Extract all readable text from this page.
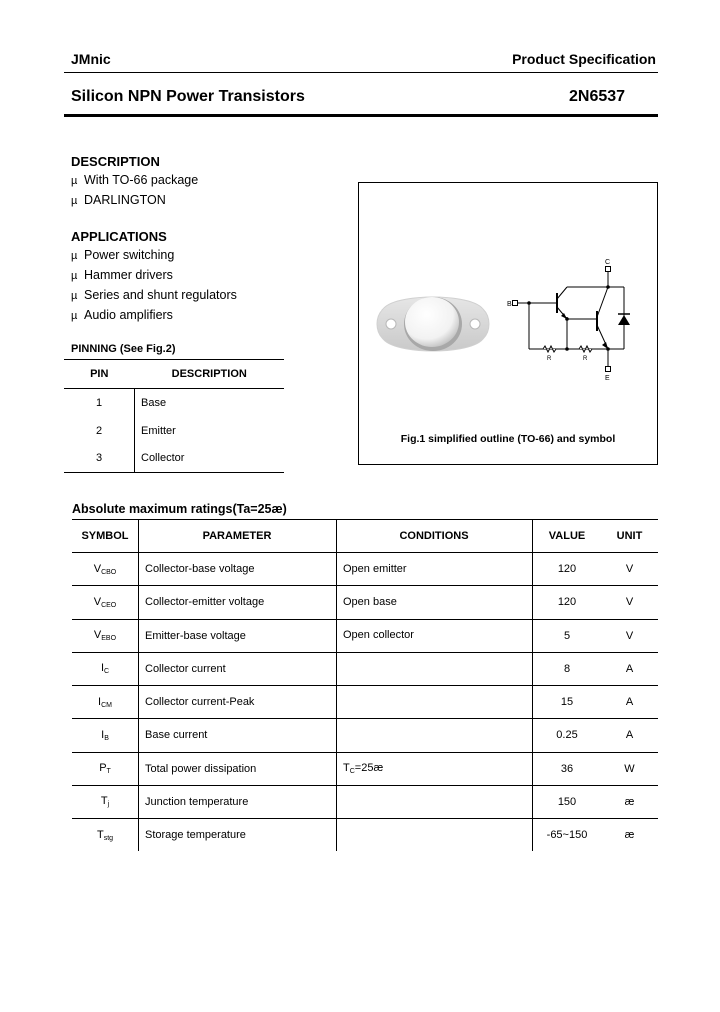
JMnic	Product Specification
Silicon NPN Power Transistors	2N6537
DESCRIPTION
µ With TO-66 package
µ DARLINGTON
APPLICATIONS
µ Power switching
µ Hammer drivers
µ Series and shunt regulators
µ Audio amplifiers
PINNING (See Fig.2)
PIN	DESCRIPTION
1	Base
2	Emitter
3	Collector
C
B
E
R	R
Fig.1 simplified outline (TO-66) and symbol
Absolute maximum ratings(Ta=25æ)
SYMBOL	PARAMETER	CONDITIONS	VALUE	UNIT
$V_{CBO}$	Collector-base voltage	Open emitter	120	V
$V_{CEO}$	Collector-emitter voltage	Open base	120	V
$V_{EBO}$	Emitter-base voltage	Open collector	5	V
$I_C$	Collector current		8	A
$I_{CM}$	Collector current-Peak		15	A
$I_B$	Base current		0.25	A
$P_T$	Total power dissipation	$T_C=25æ$	36	W
$T_j$	Junction temperature		150	æ
$T_{stg}$	Storage temperature		-65~150	æ
